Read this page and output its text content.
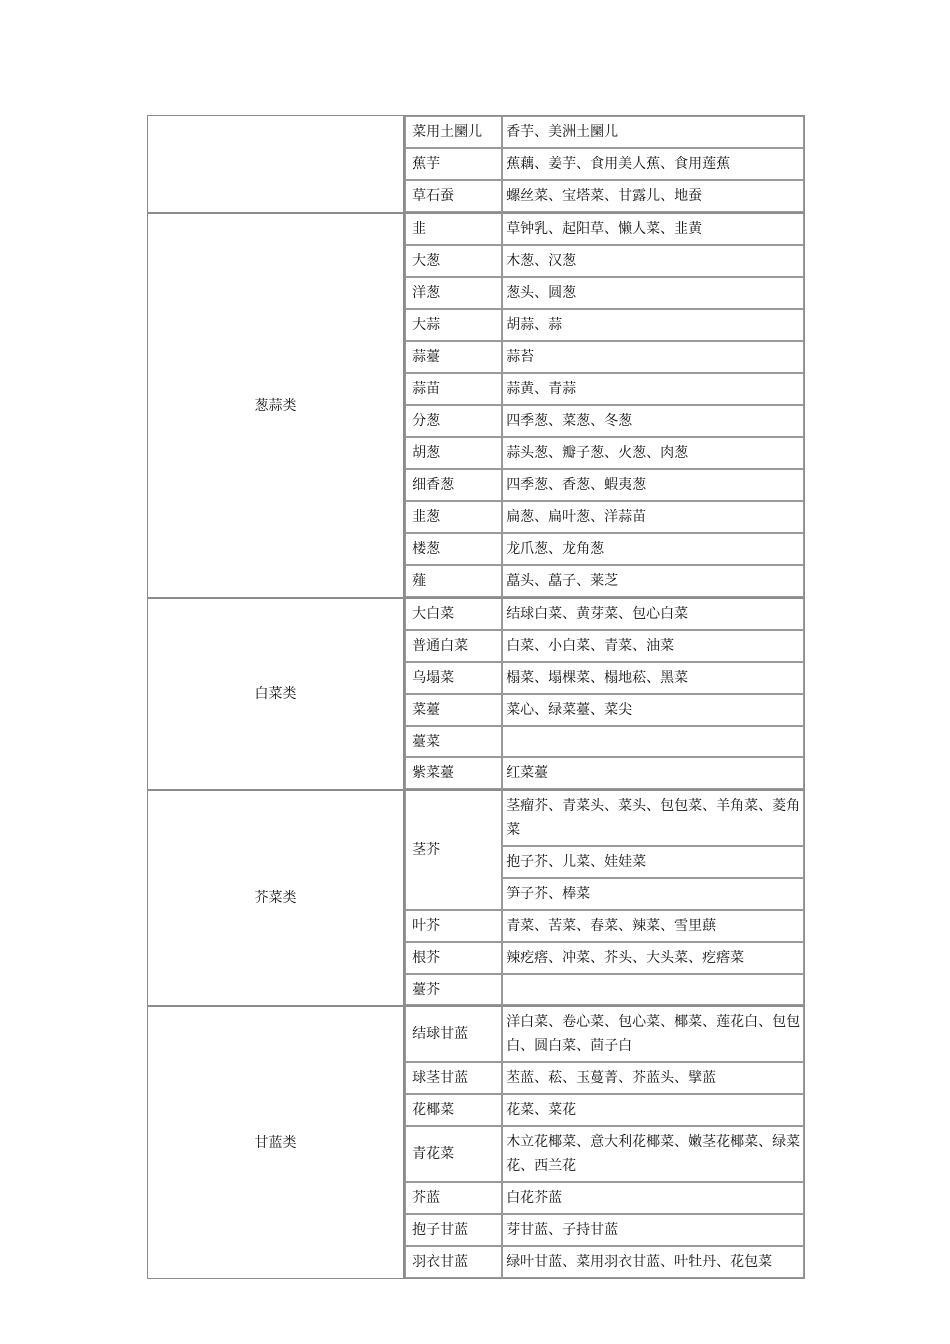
	菜用土圞儿	香芋、美洲土圞儿
	蕉芋	蕉藕、姜芋、食用美人蕉、食用莲蕉
	草石蚕	螺丝菜、宝塔菜、甘露儿、地蚕
葱蒜类	韭	草钟乳、起阳草、懒人菜、韭黄
	大葱	木葱、汉葱
	洋葱	葱头、圆葱
	大蒜	胡蒜、蒜
	蒜薹	蒜苔
	蒜苗	蒜黄、青蒜
	分葱	四季葱、菜葱、冬葱
	胡葱	蒜头葱、瓣子葱、火葱、肉葱
	细香葱	四季葱、香葱、蝦夷葱
	韭葱	扁葱、扁叶葱、洋蒜苗
	楼葱	龙爪葱、龙角葱
	薤	藠头、藠子、莱芝
白菜类	大白菜	结球白菜、黄芽菜、包心白菜
	普通白菜	白菜、小白菜、青菜、油菜
	乌塌菜	榻菜、塌棵菜、榻地菘、黑菜
	菜薹	菜心、绿菜薹、菜尖
	薹菜	
	紫菜薹	红菜薹
芥菜类	茎芥	茎瘤芥、青菜头、菜头、包包菜、羊角菜、菱角菜
		抱子芥、儿菜、娃娃菜
		笋子芥、棒菜
	叶芥	青菜、苦菜、春菜、辣菜、雪里蕻
	根芥	辣疙瘩、冲菜、芥头、大头菜、疙瘩菜
	薹芥	
甘蓝类	结球甘蓝	洋白菜、卷心菜、包心菜、椰菜、莲花白、包包白、圆白菜、茴子白
	球茎甘蓝	苤蓝、菘、玉蔓菁、芥蓝头、擘蓝
	花椰菜	花菜、菜花
	青花菜	木立花椰菜、意大利花椰菜、嫩茎花椰菜、绿菜花、西兰花
	芥蓝	白花芥蓝
	抱子甘蓝	芽甘蓝、子持甘蓝
	羽衣甘蓝	绿叶甘蓝、菜用羽衣甘蓝、叶牡丹、花包菜
